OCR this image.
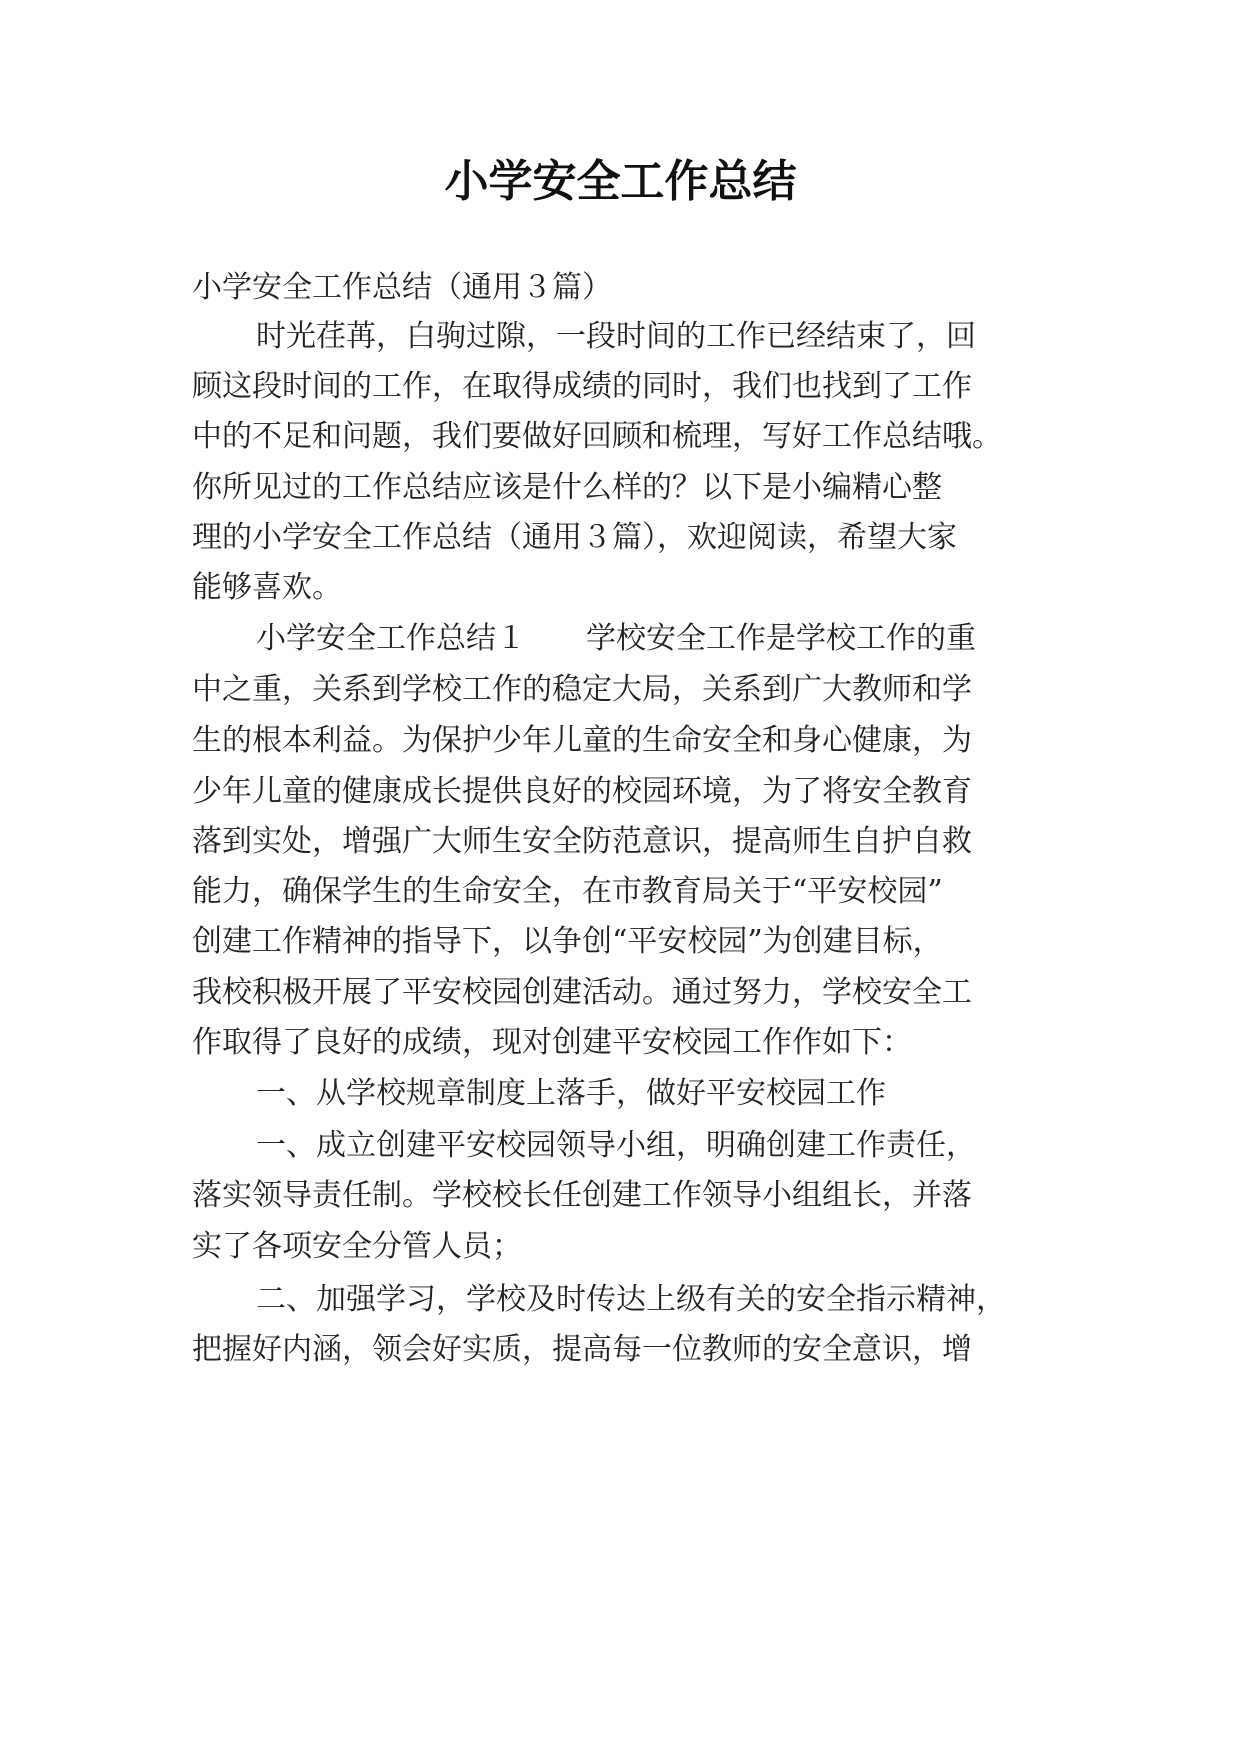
小学安全工作总结

小学安全工作总结（通用３篇）

时光荏苒，白驹过隙，一段时间的工作已经结束了，回

顾这段时间的工作，在取得成绩的同时，我们也找到了工作

中的不足和问题，我们要做好回顾和梳理，写好工作总结哦。

你所见过的工作总结应该是什么样的？以下是小编精心整

理的小学安全工作总结（通用３篇），欢迎阅读，希望大家

能够喜欢。

小学安全工作总结１　　学校安全工作是学校工作的重

中之重，关系到学校工作的稳定大局，关系到广大教师和学

生的根本利益。为保护少年儿童的生命安全和身心健康，为

少年儿童的健康成长提供良好的校园环境，为了将安全教育

落到实处，增强广大师生安全防范意识，提高师生自护自救

能力，确保学生的生命安全，在市教育局关于“平安校园”

创建工作精神的指导下，以争创“平安校园”为创建目标，

我校积极开展了平安校园创建活动。通过努力，学校安全工

作取得了良好的成绩，现对创建平安校园工作作如下：

一、从学校规章制度上落手，做好平安校园工作

一、成立创建平安校园领导小组，明确创建工作责任，

落实领导责任制。学校校长任创建工作领导小组组长，并落

实了各项安全分管人员；

二、加强学习，学校及时传达上级有关的安全指示精神，

把握好内涵，领会好实质，提高每一位教师的安全意识，增
